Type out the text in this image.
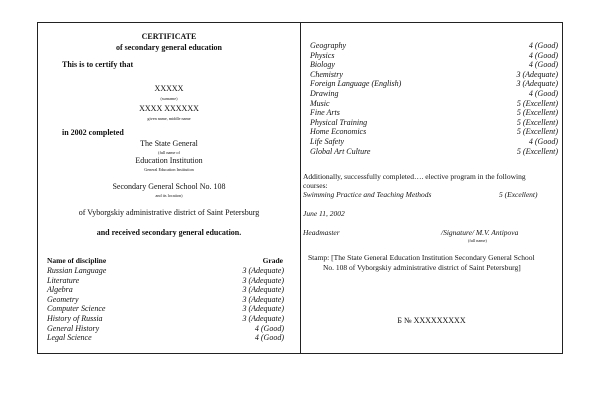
CERTIFICATE
of secondary general education
This is to certify that
XXXXX
(surname)
XXXX XXXXXX
given name, middle name
in 2002 completed
The State General
(full name of
Education Institution
General Education Institution
Secondary General School No. 108
and its location)
of Vyborgskiy administrative district of Saint Petersburg
and received secondary general education.
Name of discipline	Grade
Russian Language	3 (Adequate)
Literature	3 (Adequate)
Algebra	3 (Adequate)
Geometry	3 (Adequate)
Computer Science	3 (Adequate)
History of Russia	3 (Adequate)
General History	4 (Good)
Legal Science	4 (Good)
Geography	4 (Good)
Physics	4 (Good)
Biology	4 (Good)
Chemistry	3 (Adequate)
Foreign Language (English)	3 (Adequate)
Drawing	4 (Good)
Music	5 (Excellent)
Fine Arts	5 (Excellent)
Physical Training	5 (Excellent)
Home Economics	5 (Excellent)
Life Safety	4 (Good)
Global Art Culture	5 (Excellent)
Additionally, successfully completed…. elective program in the following
courses:
Swimming Practice and Teaching Methods	5 (Excellent)
June 11, 2002
Headmaster	/Signature/ M.V. Antipova
(full name)
Stamp: [The State General Education Institution Secondary General School
No. 108 of Vyborgskiy administrative district of Saint Petersburg]
Б № XXXXXXXXX
